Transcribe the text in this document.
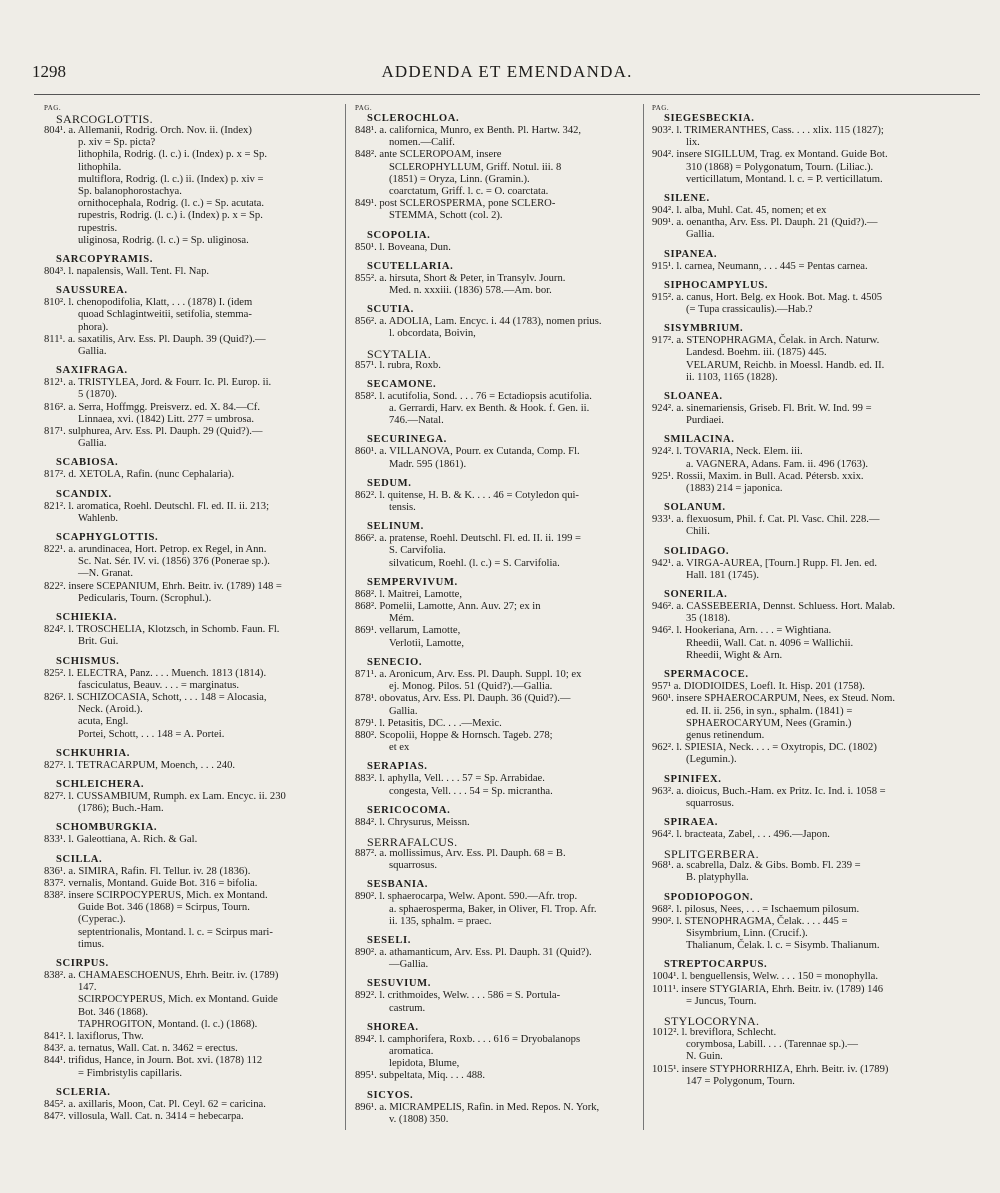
1298	ADDENDA ET EMENDANDA.
PAG.
SARCOGLOTTIS.
804¹. a. Allemanii, Rodrig. Orch. Nov. ii. (Index)
p. xiv = Sp. picta?
lithophila, Rodrig. (l. c.) i. (Index) p. x = Sp.
lithophila.
multiflora, Rodrig. (l. c.) ii. (Index) p. xiv =
Sp. balanophorostachya.
ornithocephala, Rodrig. (l. c.) = Sp. acutata.
rupestris, Rodrig. (l. c.) i. (Index) p. x = Sp.
rupestris.
uliginosa, Rodrig. (l. c.) = Sp. uliginosa.
SARCOPYRAMIS.
804³. l. napalensis, Wall. Tent. Fl. Nap.
SAUSSUREA.
810². l. chenopodifolia, Klatt, . . . (1878) I. (idem
quoad Schlagintweitii, setifolia, stemma-
phora).
811¹. a. saxatilis, Arv. Ess. Pl. Dauph. 39 (Quid?).—
Gallia.
SAXIFRAGA.
812¹. a. TRISTYLEA, Jord. & Fourr. Ic. Pl. Europ. ii.
5 (1870).
816². a. Serra, Hoffmgg. Preisverz. ed. X. 84.—Cf.
Linnaea, xvi. (1842) Litt. 277 = umbrosa.
817¹. sulphurea, Arv. Ess. Pl. Dauph. 29 (Quid?).—
Gallia.
SCABIOSA.
817². d. XETOLA, Rafin. (nunc Cephalaria).
SCANDIX.
821². l. aromatica, Roehl. Deutschl. Fl. ed. II. ii. 213;
Wahlenb.
SCAPHYGLOTTIS.
822¹. a. arundinacea, Hort. Petrop. ex Regel, in Ann.
Sc. Nat. Sér. IV. vi. (1856) 376 (Ponerae sp.).
—N. Granat.
822². insere SCEPANIUM, Ehrh. Beitr. iv. (1789) 148 =
Pedicularis, Tourn. (Scrophul.).
SCHIEKIA.
824². l. TROSCHELIA, Klotzsch, in Schomb. Faun. Fl.
Brit. Gui.
SCHISMUS.
825². l. ELECTRA, Panz. . . . Muench. 1813 (1814).
fasciculatus, Beauv. . . . = marginatus.
826². l. SCHIZOCASIA, Schott, . . . 148 = Alocasia,
Neck. (Aroid.).
acuta, Engl.
Portei, Schott, . . . 148 = A. Portei.
SCHKUHRIA.
827². l. TETRACARPUM, Moench, . . . 240.
SCHLEICHERA.
827². l. CUSSAMBIUM, Rumph. ex Lam. Encyc. ii. 230
(1786); Buch.-Ham.
SCHOMBURGKIA.
833¹. l. Galeottiana, A. Rich. & Gal.
SCILLA.
836¹. a. SIMIRA, Rafin. Fl. Tellur. iv. 28 (1836).
837². vernalis, Montand. Guide Bot. 316 = bifolia.
838². insere SCIRPOCYPERUS, Mich. ex Montand.
Guide Bot. 346 (1868) = Scirpus, Tourn.
(Cyperac.).
septentrionalis, Montand. l. c. = Scirpus mari-
timus.
SCIRPUS.
838². a. CHAMAESCHOENUS, Ehrh. Beitr. iv. (1789)
147.
SCIRPOCYPERUS, Mich. ex Montand. Guide
Bot. 346 (1868).
TAPHROGITON, Montand. (l. c.) (1868).
841². l. laxiflorus, Thw.
843². a. ternatus, Wall. Cat. n. 3462 = erectus.
844¹. trifidus, Hance, in Journ. Bot. xvi. (1878) 112
= Fimbristylis capillaris.
SCLERIA.
845². a. axillaris, Moon, Cat. Pl. Ceyl. 62 = caricina.
847². villosula, Wall. Cat. n. 3414 = hebecarpa.
PAG.
SCLEROCHLOA.
848¹. a. californica, Munro, ex Benth. Pl. Hartw. 342,
nomen.—Calif.
848². ante SCLEROPOAM, insere
SCLEROPHYLLUM, Griff. Notul. iii. 8
(1851) = Oryza, Linn. (Gramin.).
coarctatum, Griff. l. c. = O. coarctata.
849¹. post SCLEROSPERMA, pone SCLERO-
STEMMA, Schott (col. 2).
SCOPOLIA.
850¹. l. Boveana, Dun.
SCUTELLARIA.
855². a. hirsuta, Short & Peter, in Transylv. Journ.
Med. n. xxxiii. (1836) 578.—Am. bor.
SCUTIA.
856². a. ADOLIA, Lam. Encyc. i. 44 (1783), nomen prius.
l. obcordata, Boivin,
SCYTALIA.
857¹. l. rubra, Roxb.
SECAMONE.
858². l. acutifolia, Sond. . . . 76 = Ectadiopsis acutifolia.
a. Gerrardi, Harv. ex Benth. & Hook. f. Gen. ii.
746.—Natal.
SECURINEGA.
860¹. a. VILLANOVA, Pourr. ex Cutanda, Comp. Fl.
Madr. 595 (1861).
SEDUM.
862². l. quitense, H. B. & K. . . . 46 = Cotyledon qui-
tensis.
SELINUM.
866². a. pratense, Roehl. Deutschl. Fl. ed. II. ii. 199 =
S. Carvifolia.
silvaticum, Roehl. (l. c.) = S. Carvifolia.
SEMPERVIVUM.
868². l. Maitrei, Lamotte,
868². Pomelii, Lamotte, Ann. Auv. 27; ex in
Mém.
869¹. vellarum, Lamotte,
Verlotii, Lamotte,
SENECIO.
871¹. a. Aronicum, Arv. Ess. Pl. Dauph. Suppl. 10; ex
ej. Monog. Pilos. 51 (Quid?).—Gallia.
878¹. obovatus, Arv. Ess. Pl. Dauph. 36 (Quid?).—
Gallia.
879¹. l. Petasitis, DC. . . .—Mexic.
880². Scopolii, Hoppe & Hornsch. Tageb. 278;
et ex
SERAPIAS.
883². l. aphylla, Vell. . . . 57 = Sp. Arrabidae.
congesta, Vell. . . . 54 = Sp. micrantha.
SERICOCOMA.
884². l. Chrysurus, Meissn.
SERRAFALCUS.
887². a. mollissimus, Arv. Ess. Pl. Dauph. 68 = B.
squarrosus.
SESBANIA.
890². l. sphaerocarpa, Welw. Apont. 590.—Afr. trop.
a. sphaerosperma, Baker, in Oliver, Fl. Trop. Afr.
ii. 135, sphalm. = praec.
SESELI.
890². a. athamanticum, Arv. Ess. Pl. Dauph. 31 (Quid?).
—Gallia.
SESUVIUM.
892². l. crithmoides, Welw. . . . 586 = S. Portula-
castrum.
SHOREA.
894². l. camphorifera, Roxb. . . . 616 = Dryobalanops
aromatica.
lepidota, Blume,
895¹. subpeltata, Miq. . . . 488.
SICYOS.
896¹. a. MICRAMPELIS, Rafin. in Med. Repos. N. York,
v. (1808) 350.
PAG.
SIEGESBECKIA.
903². l. TRIMERANTHES, Cass. . . . xlix. 115 (1827);
lix.
904². insere SIGILLUM, Trag. ex Montand. Guide Bot.
310 (1868) = Polygonatum, Tourn. (Liliac.).
verticillatum, Montand. l. c. = P. verticillatum.
SILENE.
904². l. alba, Muhl. Cat. 45, nomen; et ex
909¹. a. oenantha, Arv. Ess. Pl. Dauph. 21 (Quid?).—
Gallia.
SIPANEA.
915¹. l. carnea, Neumann, . . . 445 = Pentas carnea.
SIPHOCAMPYLUS.
915². a. canus, Hort. Belg. ex Hook. Bot. Mag. t. 4505
(= Tupa crassicaulis).—Hab.?
SISYMBRIUM.
917². a. STENOPHRAGMA, Čelak. in Arch. Naturw.
Landesd. Boehm. iii. (1875) 445.
VELARUM, Reichb. in Moessl. Handb. ed. II.
ii. 1103, 1165 (1828).
SLOANEA.
924². a. sinemariensis, Griseb. Fl. Brit. W. Ind. 99 =
Purdiaei.
SMILACINA.
924². l. TOVARIA, Neck. Elem. iii.
a. VAGNERA, Adans. Fam. ii. 496 (1763).
925¹. Rossii, Maxim. in Bull. Acad. Pétersb. xxix.
(1883) 214 = japonica.
SOLANUM.
933¹. a. flexuosum, Phil. f. Cat. Pl. Vasc. Chil. 228.—
Chili.
SOLIDAGO.
942¹. a. VIRGA-AUREA, [Tourn.] Rupp. Fl. Jen. ed.
Hall. 181 (1745).
SONERILA.
946². a. CASSEBEERIA, Dennst. Schluess. Hort. Malab.
35 (1818).
946². l. Hookeriana, Arn. . . . = Wightiana.
Rheedii, Wall. Cat. n. 4096 = Wallichii.
Rheedii, Wight & Arn.
SPERMACOCE.
957¹ a. DIODIOIDES, Loefl. It. Hisp. 201 (1758).
960¹. insere SPHAEROCARPUM, Nees, ex Steud. Nom.
ed. II. ii. 256, in syn., sphalm. (1841) =
SPHAEROCARYUM, Nees (Gramin.)
genus retinendum.
962². l. SPIESIA, Neck. . . . = Oxytropis, DC. (1802)
(Legumin.).
SPINIFEX.
963². a. dioicus, Buch.-Ham. ex Pritz. Ic. Ind. i. 1058 =
squarrosus.
SPIRAEA.
964². l. bracteata, Zabel, . . . 496.—Japon.
SPLITGERBERA.
968¹. a. scabrella, Dalz. & Gibs. Bomb. Fl. 239 =
B. platyphylla.
SPODIOPOGON.
968². l. pilosus, Nees, . . . = Ischaemum pilosum.
990². l. STENOPHRAGMA, Čelak. . . . 445 =
Sisymbrium, Linn. (Crucif.).
Thalianum, Čelak. l. c. = Sisymb. Thalianum.
STREPTOCARPUS.
1004¹. l. benguellensis, Welw. . . . 150 = monophylla.
1011¹. insere STYGIARIA, Ehrh. Beitr. iv. (1789) 146
= Juncus, Tourn.
STYLOCORYNA.
1012². l. breviflora, Schlecht.
corymbosa, Labill. . . . (Tarennae sp.).—
N. Guin.
1015¹. insere STYPHORRHIZA, Ehrh. Beitr. iv. (1789)
147 = Polygonum, Tourn.
